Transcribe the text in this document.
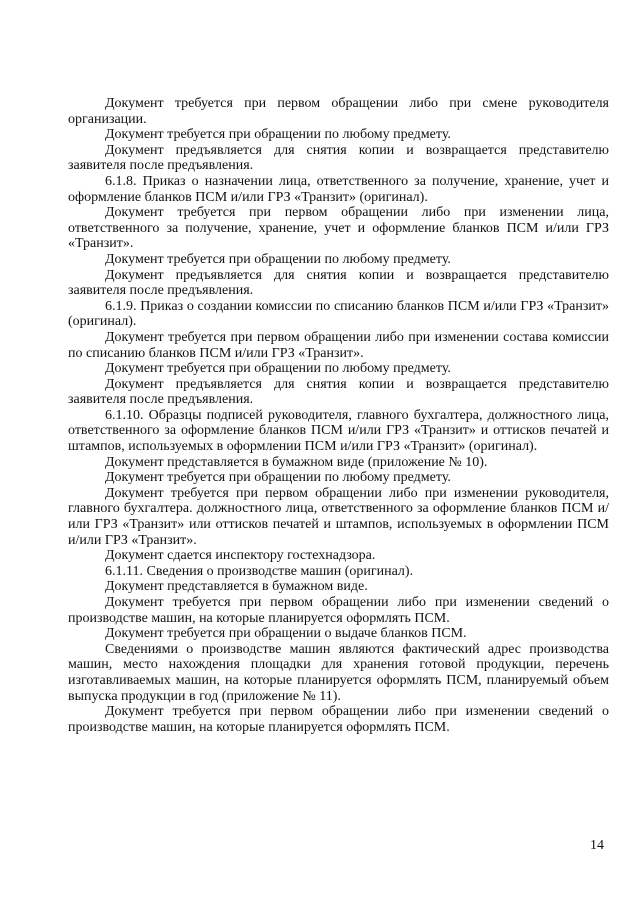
Документ требуется при первом обращении либо при смене руководителя организации.

Документ требуется при обращении по любому предмету.

Документ предъявляется для снятия копии и возвращается представителю заявителя после предъявления.

6.1.8. Приказ о назначении лица, ответственного за получение, хранение, учет и оформление бланков ПСМ и/или ГРЗ «Транзит» (оригинал).

Документ требуется при первом обращении либо при изменении лица, ответственного за получение, хранение, учет и оформление бланков ПСМ и/или ГРЗ «Транзит».

Документ требуется при обращении по любому предмету.

Документ предъявляется для снятия копии и возвращается представителю заявителя после предъявления.

6.1.9. Приказ о создании комиссии по списанию бланков ПСМ и/или ГРЗ «Транзит» (оригинал).

Документ требуется при первом обращении либо при изменении состава комиссии по списанию бланков ПСМ и/или ГРЗ «Транзит».

Документ требуется при обращении по любому предмету.

Документ предъявляется для снятия копии и возвращается представителю заявителя после предъявления.

6.1.10. Образцы подписей руководителя, главного бухгалтера, должностного лица, ответственного за оформление бланков ПСМ и/или ГРЗ «Транзит» и оттисков печатей и штампов, используемых в оформлении ПСМ и/или ГРЗ «Транзит» (оригинал).

Документ представляется в бумажном виде (приложение № 10).

Документ требуется при обращении по любому предмету.

Документ требуется при первом обращении либо при изменении руководителя, главного бухгалтера. должностного лица, ответственного за оформление бланков ПСМ и/или ГРЗ «Транзит» или оттисков печатей и штампов, используемых в оформлении ПСМ и/или ГРЗ «Транзит».

Документ сдается инспектору гостехнадзора.

6.1.11. Сведения о производстве машин (оригинал).

Документ представляется в бумажном виде.

Документ требуется при первом обращении либо при изменении сведений о производстве машин, на которые планируется оформлять ПСМ.

Документ требуется при обращении о выдаче бланков ПСМ.

Сведениями о производстве машин являются фактический адрес производства машин, место нахождения площадки для хранения готовой продукции, перечень изготавливаемых машин, на которые планируется оформлять ПСМ, планируемый объем выпуска продукции в год (приложение № 11).

Документ требуется при первом обращении либо при изменении сведений о производстве машин, на которые планируется оформлять ПСМ.

14
